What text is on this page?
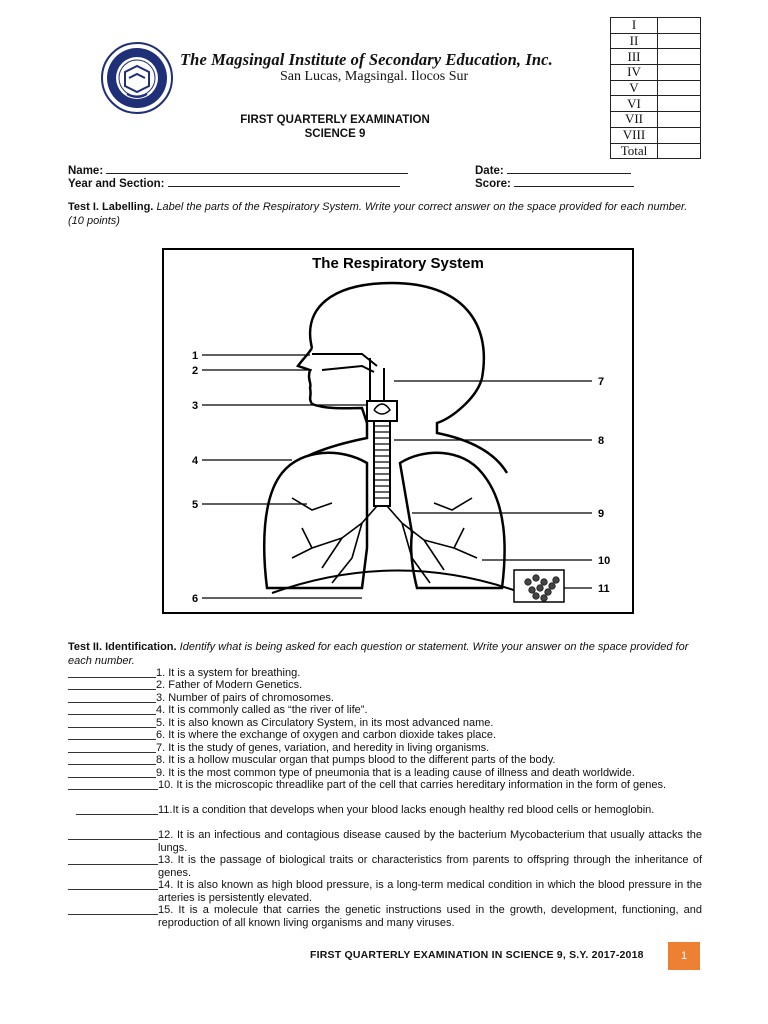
I	
II	
III	
IV	
V	
VI	
VII	
VIII	
Total	
The Magsingal Institute of Secondary Education, Inc.
San Lucas, Magsingal. Ilocos Sur
FIRST QUARTERLY EXAMINATION
SCIENCE 9
Name:	Date:
Year and Section:	Score:
Test I. Labelling. Label the parts of the Respiratory System. Write your correct answer on the space provided for each number. (10 points)
The Respiratory System
1
2
3
4
5
6
7
8
9
10
11
Test II. Identification. Identify what is being asked for each question or statement. Write your answer on the space provided for each number.
1. It is a system for breathing.
2. Father of Modern Genetics.
3. Number of pairs of chromosomes.
4. It is commonly called as “the river of life”.
5. It is also known as Circulatory System, in its most advanced name.
6. It is where the exchange of oxygen and carbon dioxide takes place.
7. It is the study of genes, variation, and heredity in living organisms.
8. It is a hollow muscular organ that pumps blood to the different parts of the body.
9. It is the most common type of pneumonia that is a leading cause of illness and death worldwide.
10. It is the microscopic threadlike part of the cell that carries hereditary information in the form of genes.
11.It is a condition that develops when your blood lacks enough healthy red blood cells or hemoglobin.
12. It is an infectious and contagious disease caused by the bacterium Mycobacterium that usually attacks the lungs.
13. It is the passage of biological traits or characteristics from parents to offspring through the inheritance of genes.
14. It is also known as high blood pressure, is a long-term medical condition in which the blood pressure in the arteries is persistently elevated.
15. It is a molecule that carries the genetic instructions used in the growth, development, functioning, and reproduction of all known living organisms and many viruses.
FIRST QUARTERLY EXAMINATION IN SCIENCE 9, S.Y. 2017-2018	1
